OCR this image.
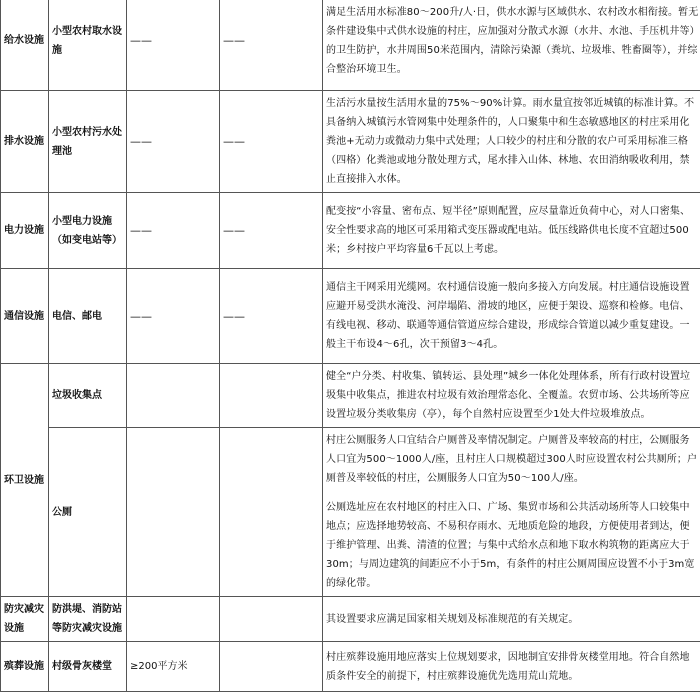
给水设施	小型农村取水设施	——	——	满足生活用水标准80～200升/人·日，供水水源与区域供水、农村改水相衔接。暂无条件建设集中式供水设施的村庄，应加强对分散式水源（水井、水池、手压机井等）的卫生防护，水井周围50米范围内，清除污染源（粪坑、垃圾堆、牲畜圈等），并综合整治环境卫生。
排水设施	小型农村污水处理池	——	——	生活污水量按生活用水量的75%～90%计算。雨水量宜按邻近城镇的标准计算。不具备纳入城镇污水管网集中处理条件的，人口聚集中和生态敏感地区的村庄采用化粪池+无动力或微动力集中式处理；人口较少的村庄和分散的农户可采用标准三格（四格）化粪池或地分散处理方式，尾水排入山体、林地、农田消纳吸收利用，禁止直接排入水体。
电力设施	小型电力设施（如变电站等）	——	——	配变按“小容量、密布点、短半径”原则配置，应尽量靠近负荷中心，对人口密集、安全性要求高的地区可采用箱式变压器或配电站。低压线路供电长度不宜超过500米；乡村按户平均容量6千瓦以上考虑。
通信设施	电信、邮电	——	——	通信主干网采用光缆网。农村通信设施一般向多接入方向发展。村庄通信设施设置应避开易受洪水淹没、河岸塌陷、滑坡的地区，应便于架设、巡察和检修。电信、有线电视、移动、联通等通信管道应综合建设，形成综合管道以减少重复建设。一般主干布设4～6孔，次干预留3～4孔。
环卫设施	垃圾收集点			健全“户分类、村收集、镇转运、县处理”城乡一体化处理体系，所有行政村设置垃圾集中收集点，推进农村垃圾有效治理常态化、全覆盖。农贸市场、公共场所等应设置垃圾分类收集房（亭），每个自然村应设置至少1处大件垃圾堆放点。
	公厕			村庄公厕服务人口宜结合户厕普及率情况制定。户厕普及率较高的村庄，公厕服务人口宜为500～1000人/座，且村庄人口规模超过300人时应设置农村公共厕所；户厕普及率较低的村庄，公厕服务人口宜为50～100人/座。

公厕选址应在农村地区的村庄入口、广场、集贸市场和公共活动场所等人口较集中地点；应选择地势较高、不易积存雨水、无地质危险的地段，方便使用者到达，便于维护管理、出粪、清渣的位置；与集中式给水点和地下取水构筑物的距离应大于30m；与周边建筑的间距应不小于5m，有条件的村庄公厕周围应设置不小于3m宽的绿化带。

防灾减灾设施	防洪堤、消防站等防灾减灾设施			其设置要求应满足国家相关规划及标准规范的有关规定。
殡葬设施	村级骨灰楼堂	≥200平方米		村庄殡葬设施用地应落实上位规划要求，因地制宜安排骨灰楼堂用地。符合自然地质条件安全的前提下，村庄殡葬设施优先选用荒山荒地。
